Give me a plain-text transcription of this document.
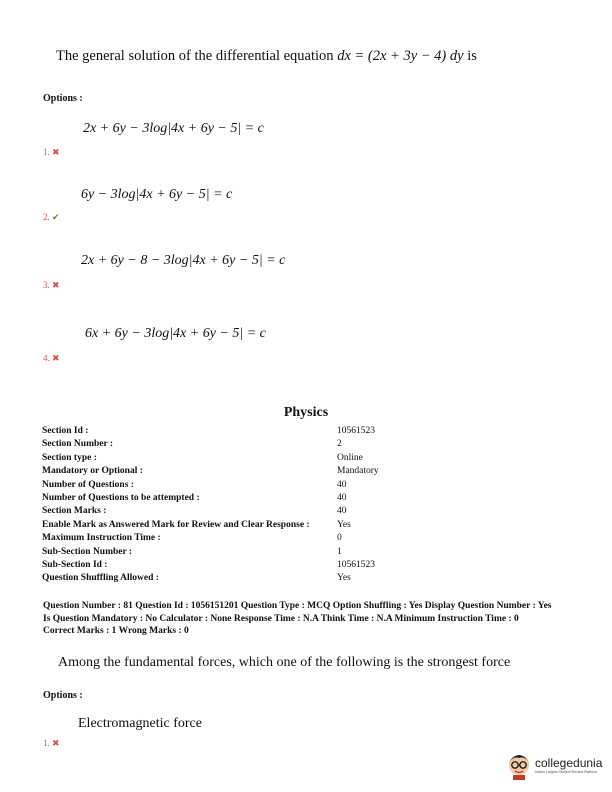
The general solution of the differential equation dx = (2x + 3y − 4) dy is
Options :
2x + 6y − 3log|4x + 6y − 5| = c
1. ✖
6y − 3log|4x + 6y − 5| = c
2. ✔
2x + 6y − 8 − 3log|4x + 6y − 5| = c
3. ✖
6x + 6y − 3log|4x + 6y − 5| = c
4. ✖
Physics
Section Id :	10561523
Section Number :	2
Section type :	Online
Mandatory or Optional :	Mandatory
Number of Questions :	40
Number of Questions to be attempted :	40
Section Marks :	40
Enable Mark as Answered Mark for Review and Clear Response :	Yes
Maximum Instruction Time :	0
Sub-Section Number :	1
Sub-Section Id :	10561523
Question Shuffling Allowed :	Yes
Question Number : 81 Question Id : 1056151201 Question Type : MCQ Option Shuffling : Yes Display Question Number : Yes
Is Question Mandatory : No Calculator : None Response Time : N.A Think Time : N.A Minimum Instruction Time : 0
Correct Marks : 1 Wrong Marks : 0
Among the fundamental forces, which one of the following is the strongest force
Options :
Electromagnetic force
1. ✖
collegedunia
India's Largest Student Review Platform
